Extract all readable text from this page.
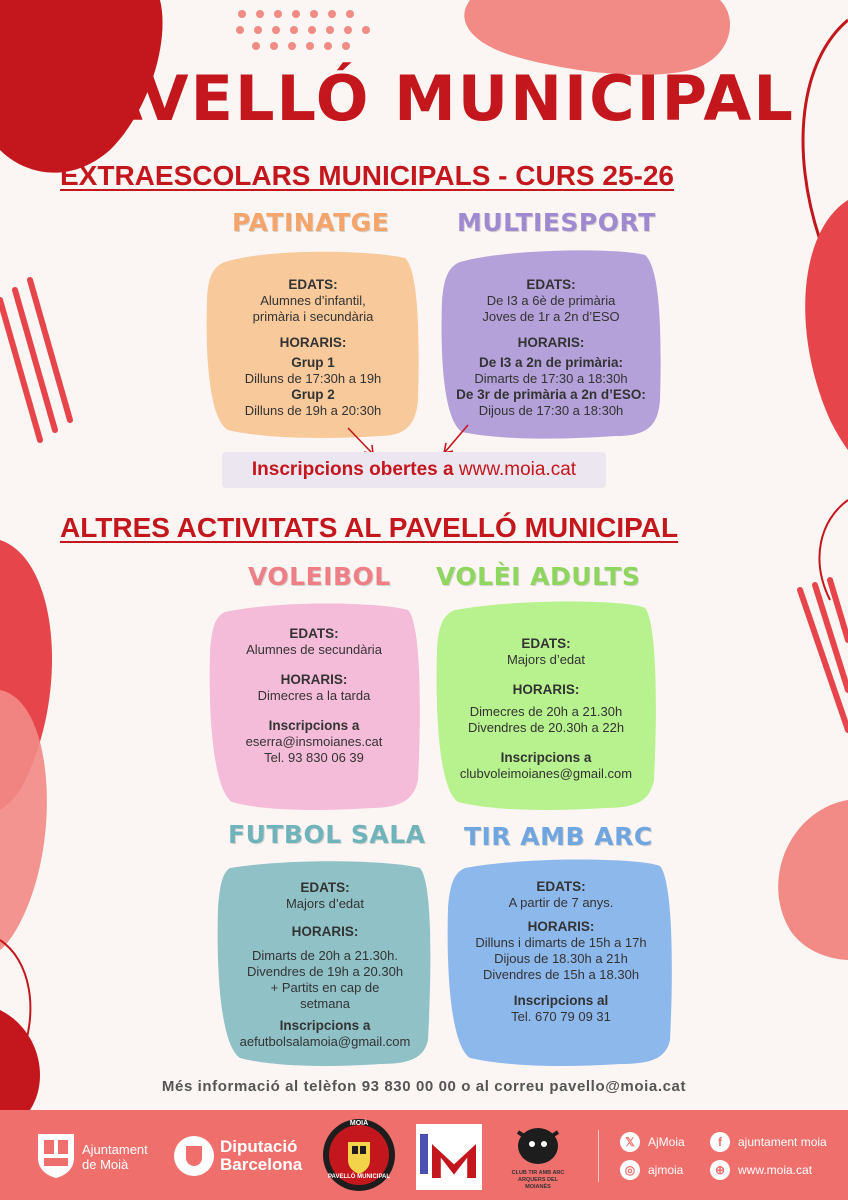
PAVELLÓ MUNICIPAL
EXTRAESCOLARS MUNICIPALS - CURS 25-26
PATINATGE	MULTIESPORT
EDATS:
Alumnes d’infantil,
primària i secundària
HORARIS:
Grup 1
Dilluns de 17:30h a 19h
Grup 2
Dilluns de 19h a 20:30h
EDATS:
De I3 a 6è de primària
Joves de 1r a 2n d’ESO
HORARIS:
De I3 a 2n de primària:
Dimarts de 17:30 a 18:30h
De 3r de primària a 2n d’ESO:
Dijous de 17:30 a 18:30h
Inscripcions obertes a www.moia.cat
ALTRES ACTIVITATS AL PAVELLÓ MUNICIPAL
VOLEIBOL VOLÈI ADULTS
EDATS:
Alumnes de secundària
HORARIS:
Dimecres a la tarda
Inscripcions a
eserra@insmoianes.cat
Tel. 93 830 06 39
EDATS:
Majors d’edat
HORARIS:
Dimecres de 20h a 21.30h
Divendres de 20.30h a 22h
Inscripcions a
clubvoleimoianes@gmail.com
FUTBOL SALA TIR AMB ARC
EDATS:
Majors d’edat
HORARIS:
Dimarts de 20h a 21.30h.
Divendres de 19h a 20.30h
+ Partits en cap de
setmana
Inscripcions a
aefutbolsalamoia@gmail.com
EDATS:
A partir de 7 anys.
HORARIS:
Dilluns i dimarts de 15h a 17h
Dijous de 18.30h a 21h
Divendres de 15h a 18.30h
Inscripcions al
Tel. 670 79 09 31
Més informació al telèfon 93 830 00 00 o al correu pavello@moia.cat
Ajuntament
de Moià
Diputació
Barcelona
MOIÀ
PAVELLÓ MUNICIPAL
CLUB TIR AMB ARC
ARQUERS DEL
MOIANÈS
𝕏	AjMoia	f	ajuntament moia
◎	ajmoia	⊕	www.moia.cat
